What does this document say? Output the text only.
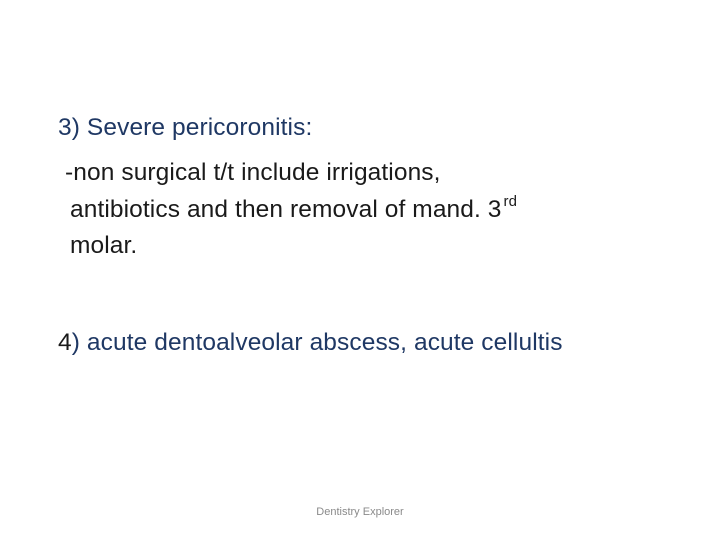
3) Severe pericoronitis:
-non surgical t/t include irrigations,
antibiotics and then removal of mand. 3 $^{rd}$
molar.
4) acute dentoalveolar abscess, acute cellultis
Dentistry Explorer
